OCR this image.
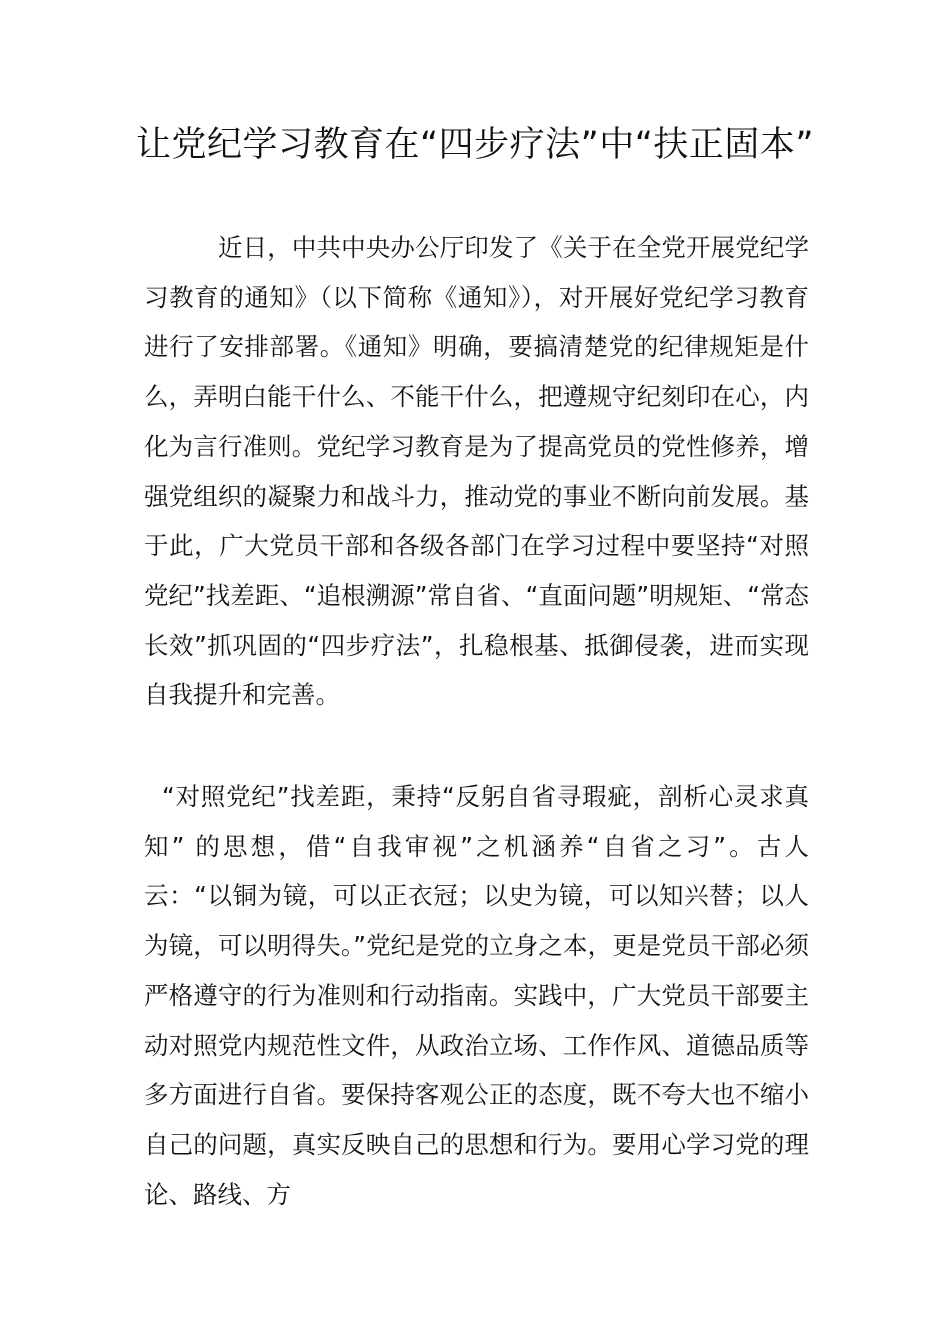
让党纪学习教育在“四步疗法”中“扶正固本”

近日，中共中央办公厅印发了《关于在全党开展党纪学习教育的通知》（以下简称《通知》），对开展好党纪学习教育进行了安排部署。《通知》明确，要搞清楚党的纪律规矩是什么，弄明白能干什么、不能干什么，把遵规守纪刻印在心，内化为言行准则。党纪学习教育是为了提高党员的党性修养，增强党组织的凝聚力和战斗力，推动党的事业不断向前发展。基于此，广大党员干部和各级各部门在学习过程中要坚持“对照党纪”找差距、“追根溯源”常自省、“直面问题”明规矩、“常态长效”抓巩固的“四步疗法”，扎稳根基、抵御侵袭，进而实现自我提升和完善。

“对照党纪”找差距，秉持“反躬自省寻瑕疵，剖析心灵求真知” 的思想，借“自我审视”之机涵养“自省之习”。古人云：“以铜为镜，可以正衣冠；以史为镜，可以知兴替；以人为镜，可以明得失。”党纪是党的立身之本，更是党员干部必须严格遵守的行为准则和行动指南。实践中，广大党员干部要主动对照党内规范性文件，从政治立场、工作作风、道德品质等多方面进行自省。要保持客观公正的态度，既不夸大也不缩小自己的问题，真实反映自己的思想和行为。要用心学习党的理论、路线、方
